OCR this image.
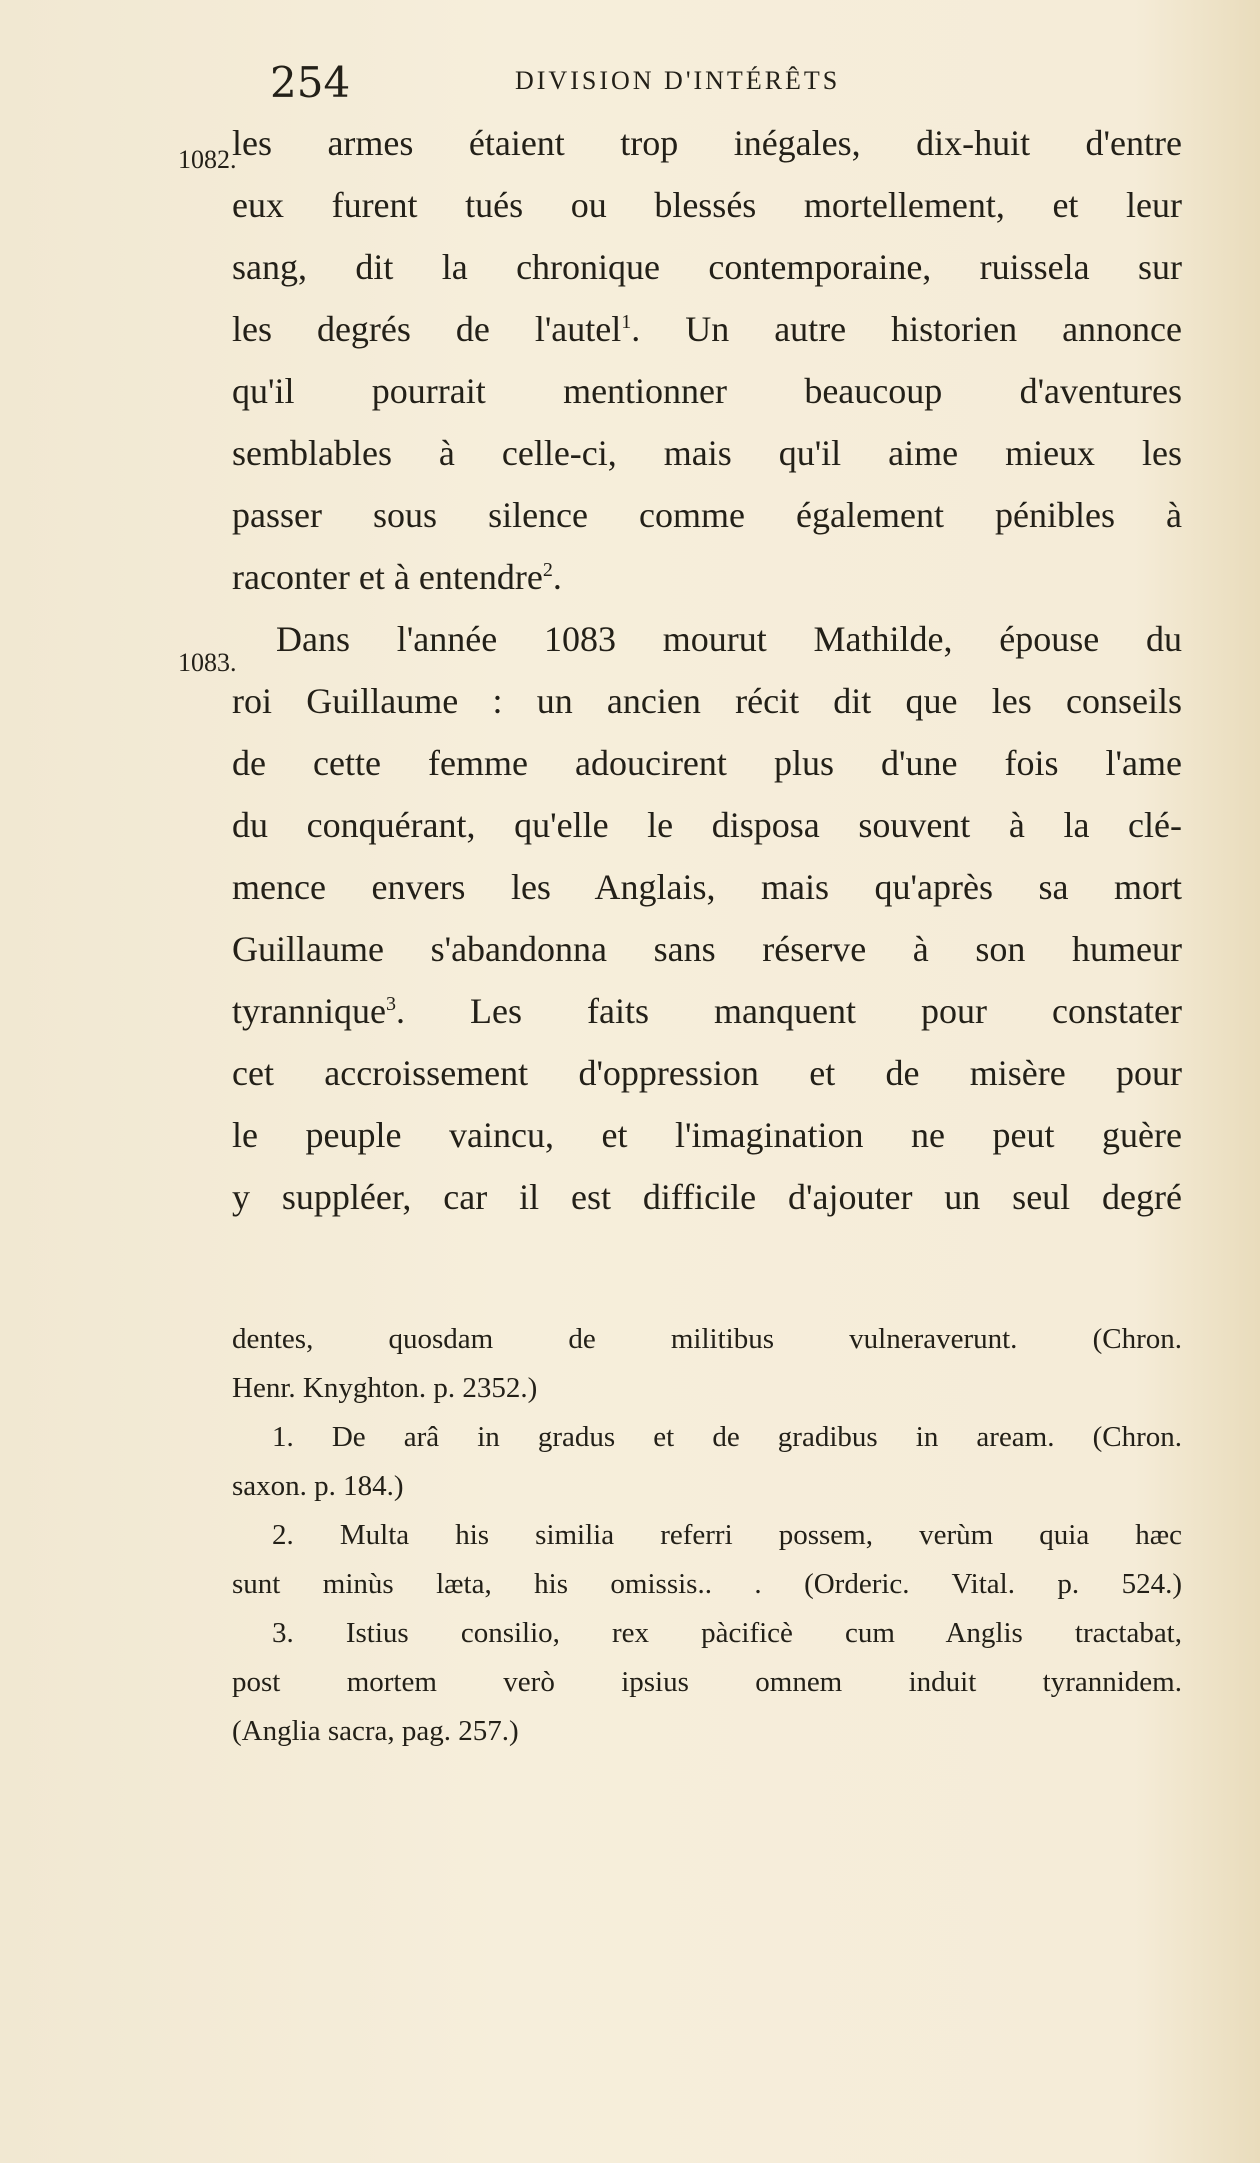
254	DIVISION D'INTÉRÊTS
1082.
1083.
les armes étaient trop inégales, dix-huit d'entre
eux furent tués ou blessés mortellement, et leur
sang, dit la chronique contemporaine, ruissela sur
les degrés de l'autel$^1$. Un autre historien annonce
qu'il pourrait mentionner beaucoup d'aventures
semblables à celle-ci, mais qu'il aime mieux les
passer sous silence comme également pénibles à
raconter et à entendre$^2$.
Dans l'année 1083 mourut Mathilde, épouse du
roi Guillaume : un ancien récit dit que les conseils
de cette femme adoucirent plus d'une fois l'ame
du conquérant, qu'elle le disposa souvent à la clé-
mence envers les Anglais, mais qu'après sa mort
Guillaume s'abandonna sans réserve à son humeur
tyrannique$^3$. Les faits manquent pour constater
cet accroissement d'oppression et de misère pour
le peuple vaincu, et l'imagination ne peut guère
y suppléer, car il est difficile d'ajouter un seul degré
dentes, quosdam de militibus vulneraverunt. (Chron.
Henr. Knyghton. p. 2352.)
1. De arâ in gradus et de gradibus in aream. (Chron.
saxon. p. 184.)
2. Multa his similia referri possem, verùm quia hæc
sunt minùs læta, his omissis.. . (Orderic. Vital. p. 524.)
3. Istius consilio, rex pàcificè cum Anglis tractabat,
post mortem verò ipsius omnem induit tyrannidem.
(Anglia sacra, pag. 257.)
